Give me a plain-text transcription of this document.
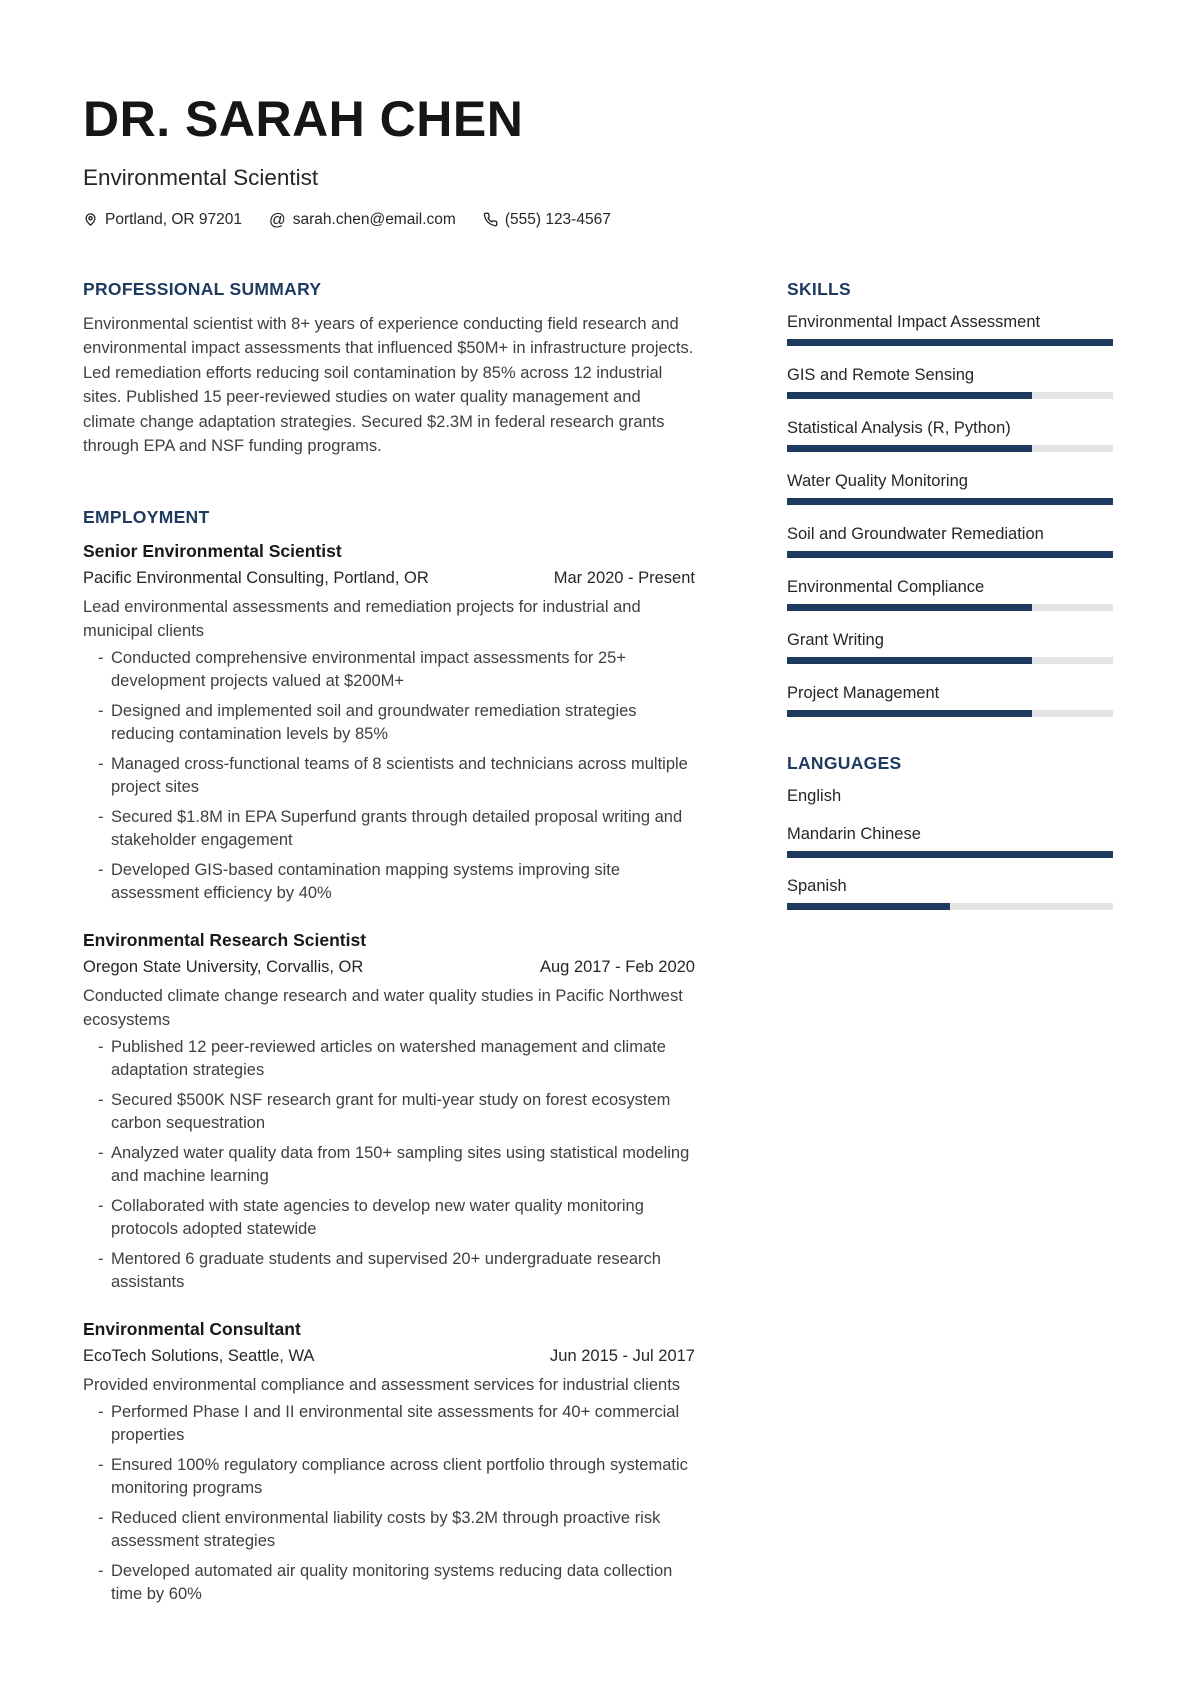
DR. SARAH CHEN
Environmental Scientist
Portland, OR 97201 @ sarah.chen@email.com	(555) 123-4567
PROFESSIONAL SUMMARY

Environmental scientist with 8+ years of experience conducting field research and environmental impact assessments that influenced $50M+ in infrastructure projects. Led remediation efforts reducing soil contamination by 85% across 12 industrial sites. Published 15 peer-reviewed studies on water quality management and climate change adaptation strategies. Secured $2.3M in federal research grants through EPA and NSF funding programs.

EMPLOYMENT
Senior Environmental Scientist
Pacific Environmental Consulting, Portland, OR	Mar 2020 - Present

Lead environmental assessments and remediation projects for industrial and municipal clients

- Conducted comprehensive environmental impact assessments for 25+ development projects valued at $200M+
- Designed and implemented soil and groundwater remediation strategies reducing contamination levels by 85%
- Managed cross-functional teams of 8 scientists and technicians across multiple project sites
- Secured $1.8M in EPA Superfund grants through detailed proposal writing and stakeholder engagement
- Developed GIS-based contamination mapping systems improving site assessment efficiency by 40%
Environmental Research Scientist
Oregon State University, Corvallis, OR	Aug 2017 - Feb 2020

Conducted climate change research and water quality studies in Pacific Northwest ecosystems

- Published 12 peer-reviewed articles on watershed management and climate adaptation strategies
- Secured $500K NSF research grant for multi-year study on forest ecosystem carbon sequestration
- Analyzed water quality data from 150+ sampling sites using statistical modeling and machine learning
- Collaborated with state agencies to develop new water quality monitoring protocols adopted statewide
- Mentored 6 graduate students and supervised 20+ undergraduate research assistants
Environmental Consultant
EcoTech Solutions, Seattle, WA	Jun 2015 - Jul 2017

Provided environmental compliance and assessment services for industrial clients

- Performed Phase I and II environmental site assessments for 40+ commercial properties
- Ensured 100% regulatory compliance across client portfolio through systematic monitoring programs
- Reduced client environmental liability costs by $3.2M through proactive risk assessment strategies
- Developed automated air quality monitoring systems reducing data collection time by 60%
SKILLS
Environmental Impact Assessment
GIS and Remote Sensing
Statistical Analysis (R, Python)
Water Quality Monitoring
Soil and Groundwater Remediation
Environmental Compliance
Grant Writing
Project Management
LANGUAGES
English
Mandarin Chinese
Spanish
